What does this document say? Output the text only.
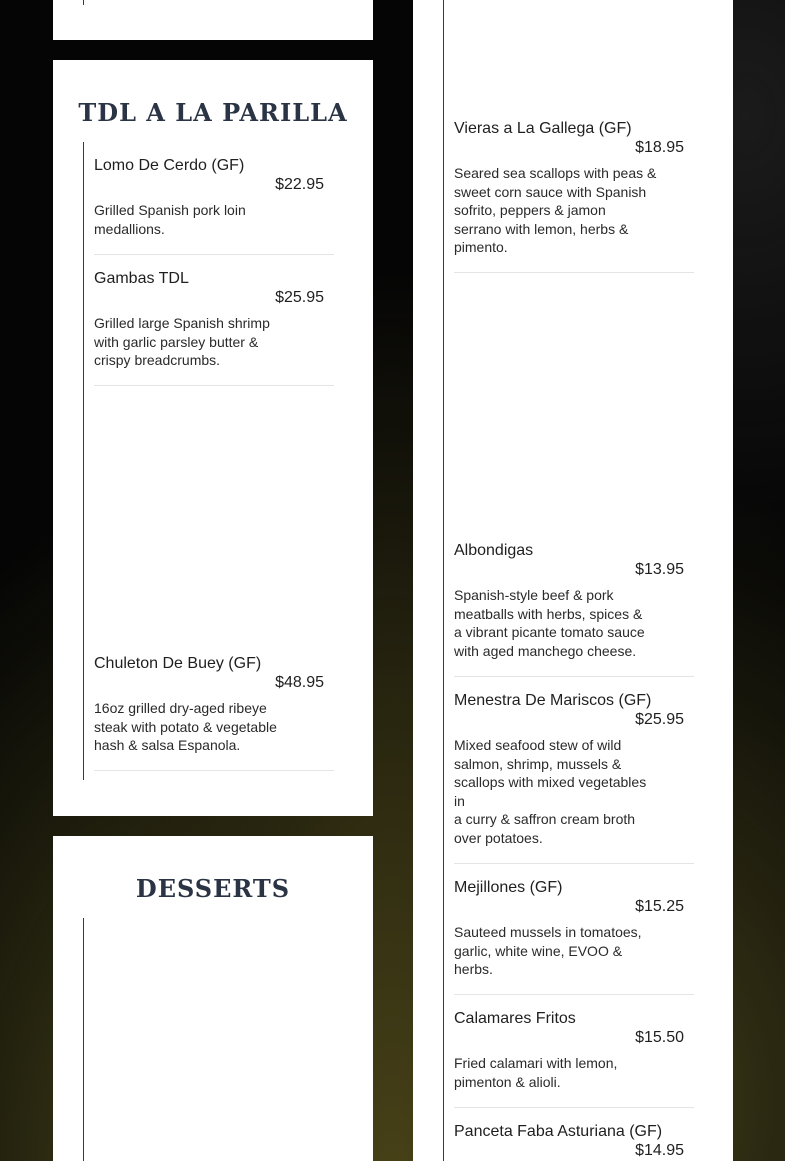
TDL A LA PARILLA
Lomo De Cerdo (GF)
$22.95
Grilled Spanish pork loin
medallions.
Gambas TDL
$25.95
Grilled large Spanish shrimp
with garlic parsley butter &
crispy breadcrumbs.
Chuleton De Buey (GF)
$48.95
16oz grilled dry-aged ribeye
steak with potato & vegetable
hash & salsa Espanola.
DESSERTS
Vieras a La Gallega (GF)
$18.95
Seared sea scallops with peas &
sweet corn sauce with Spanish
sofrito, peppers & jamon
serrano with lemon, herbs &
pimento.
Albondigas
$13.95
Spanish-style beef & pork
meatballs with herbs, spices &
a vibrant picante tomato sauce
with aged manchego cheese.
Menestra De Mariscos (GF)
$25.95
Mixed seafood stew of wild
salmon, shrimp, mussels &
scallops with mixed vegetables
in
a curry & saffron cream broth
over potatoes.
Mejillones (GF)
$15.25
Sauteed mussels in tomatoes,
garlic, white wine, EVOO &
herbs.
Calamares Fritos
$15.50
Fried calamari with lemon,
pimenton & alioli.
Panceta Faba Asturiana (GF)
$14.95
